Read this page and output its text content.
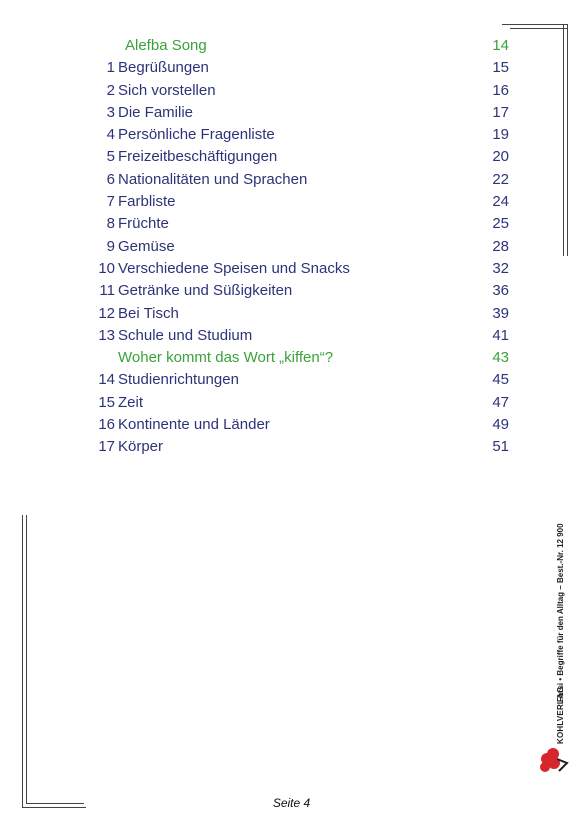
Alefba Song	14
1 Begrüßungen	15
2 Sich vorstellen	16
3 Die Familie	17
4 Persönliche Fragenliste	19
5 Freizeitbeschäftigungen	20
6 Nationalitäten und Sprachen	22
7 Farbliste	24
8 Früchte	25
9 Gemüse	28
10 Verschiedene Speisen und Snacks	32
11 Getränke und Süßigkeiten	36
12 Bei Tisch	39
13 Schule und Studium	41
Woher kommt das Wort „kiffen“?	43
14 Studienrichtungen	45
15 Zeit	47
16 Kontinente und Länder	49
17 Körper	51
Farsi • Begriffe für den Alltag – Best.-Nr. 12 900
KOHLVERLAG
Seite 4
